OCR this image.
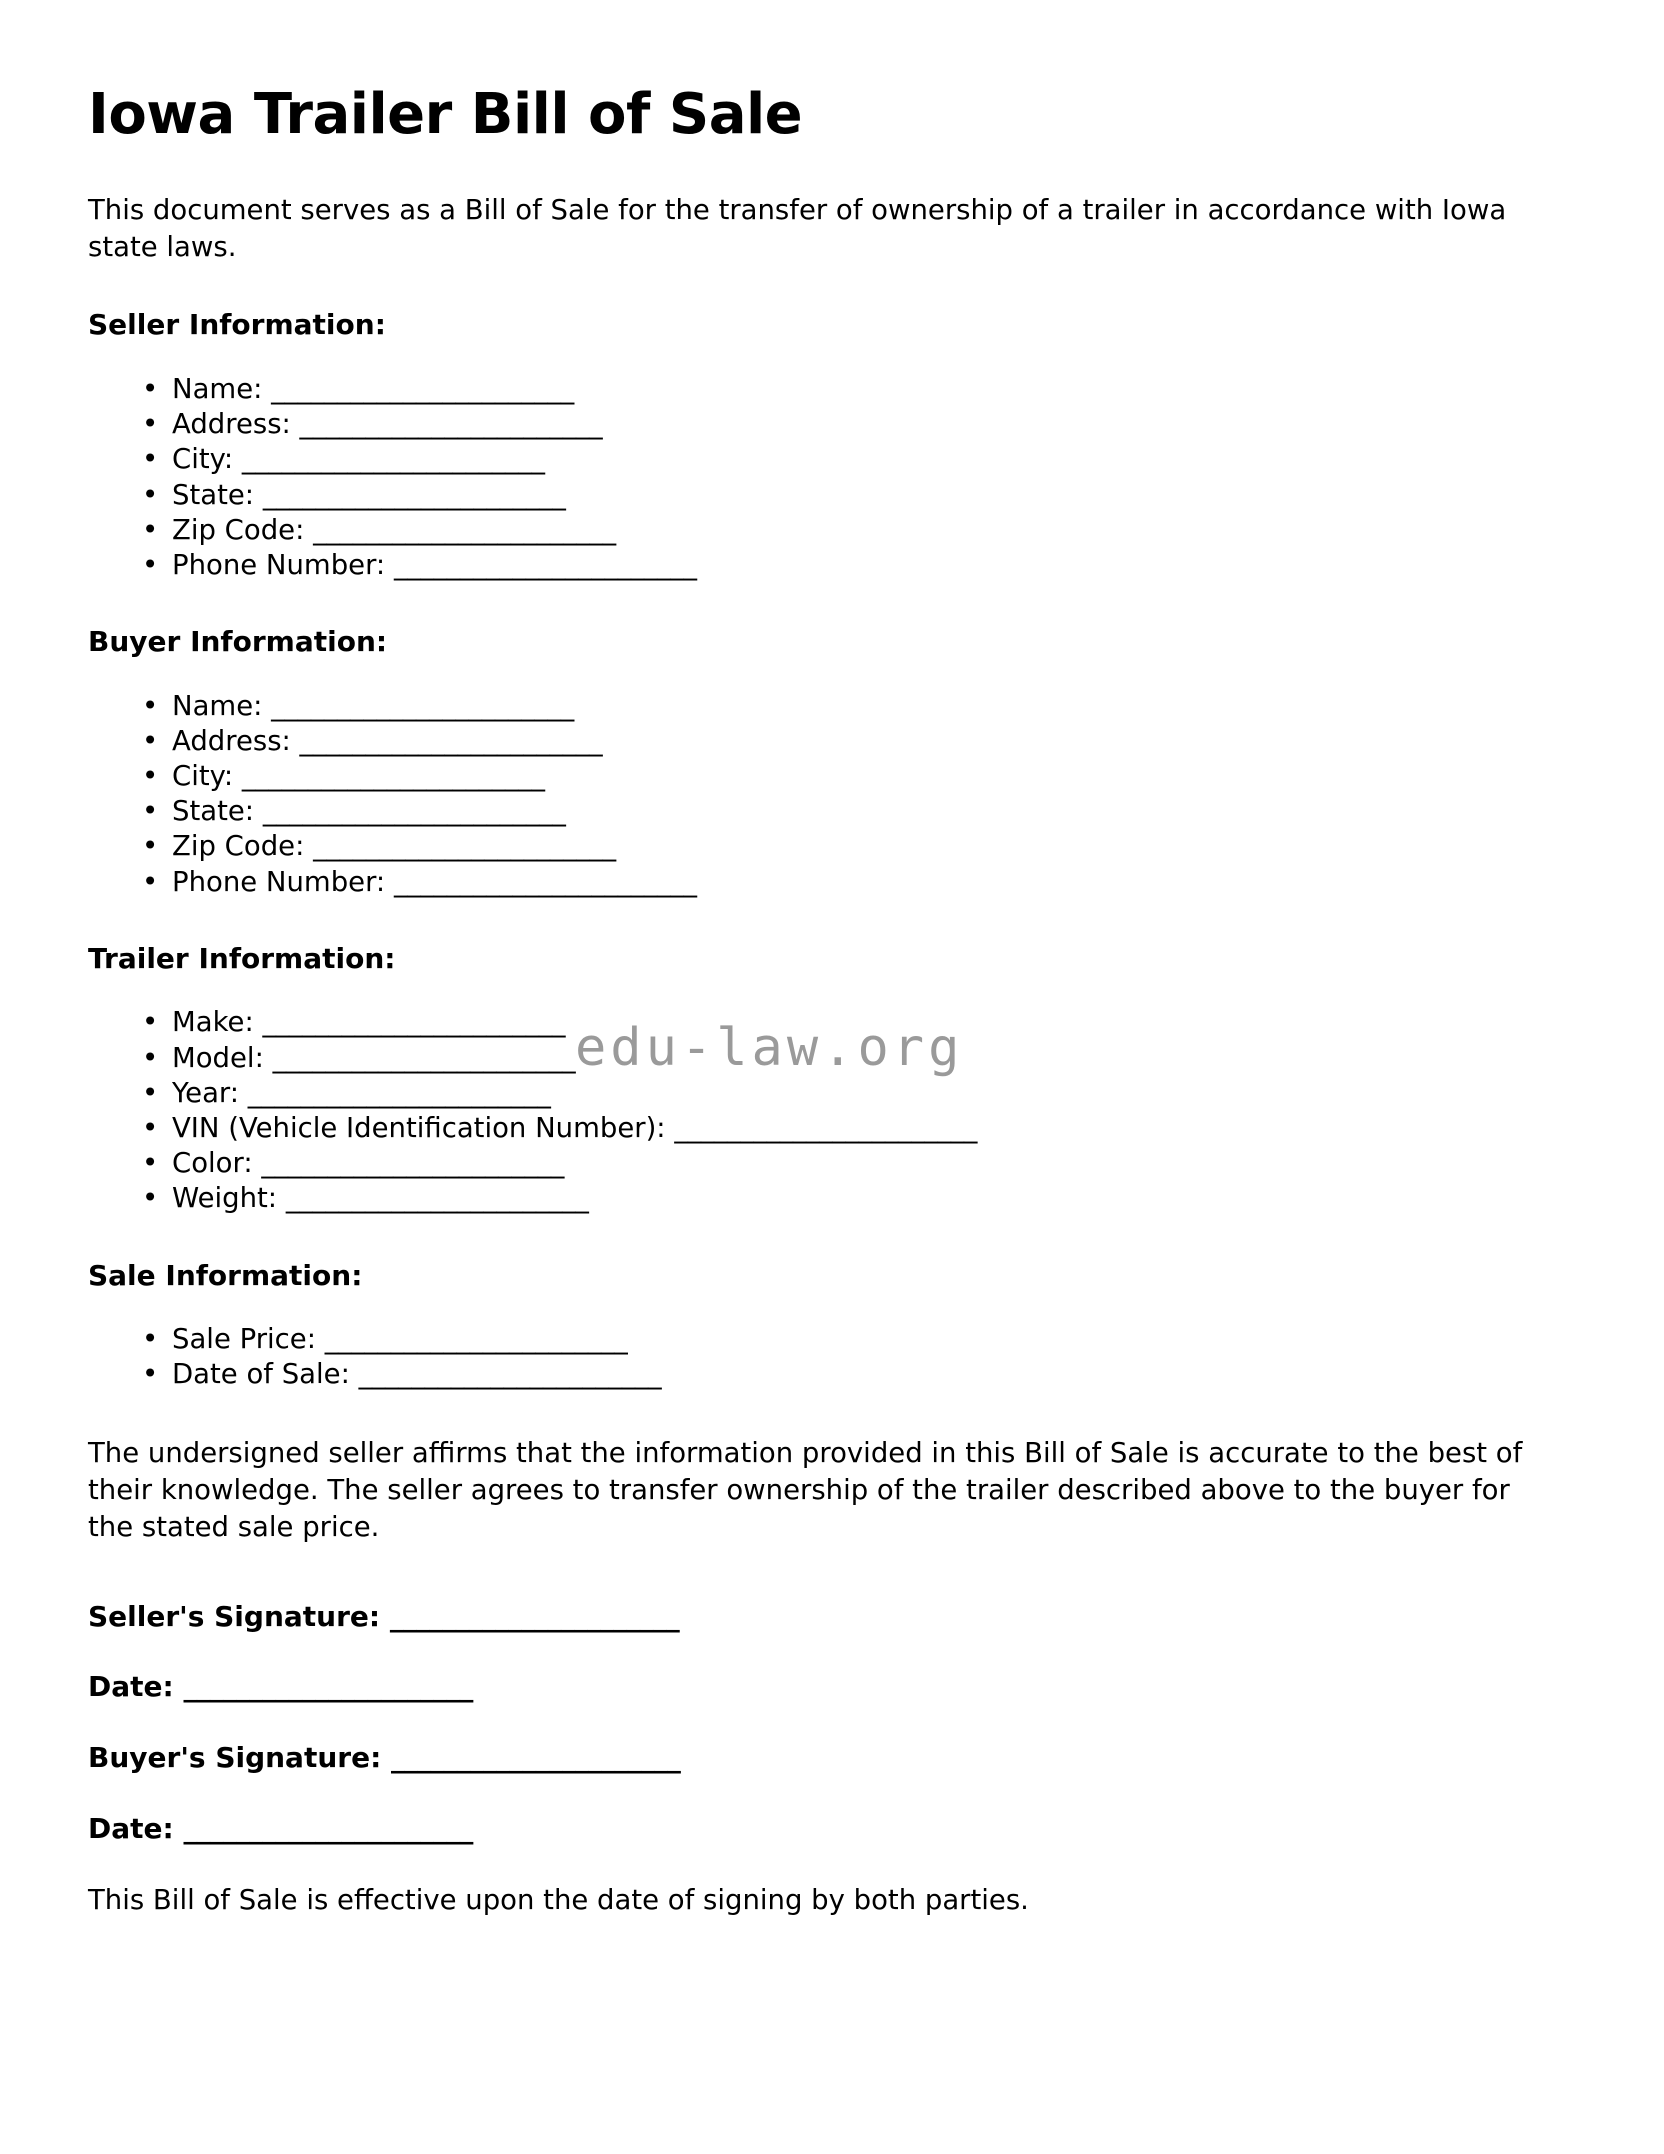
edu-law.org
Iowa Trailer Bill of Sale

This document serves as a Bill of Sale for the transfer of ownership of a trailer in accordance with Iowa state laws.

Seller Information:
• Name: _______________________
• Address: _______________________
• City: _______________________
• State: _______________________
• Zip Code: _______________________
• Phone Number: _______________________
Buyer Information:
• Name: _______________________
• Address: _______________________
• City: _______________________
• State: _______________________
• Zip Code: _______________________
• Phone Number: _______________________
Trailer Information:
• Make: _______________________
• Model: _______________________
• Year: _______________________
• VIN (Vehicle Identification Number): _______________________
• Color: _______________________
• Weight: _______________________
Sale Information:
• Sale Price: _______________________
• Date of Sale: _______________________

The undersigned seller affirms that the information provided in this Bill of Sale is accurate to the best of their knowledge. The seller agrees to transfer ownership of the trailer described above to the buyer for the stated sale price.

Seller's Signature: ______________________
Date: ______________________
Buyer's Signature: ______________________
Date: ______________________

This Bill of Sale is effective upon the date of signing by both parties.
